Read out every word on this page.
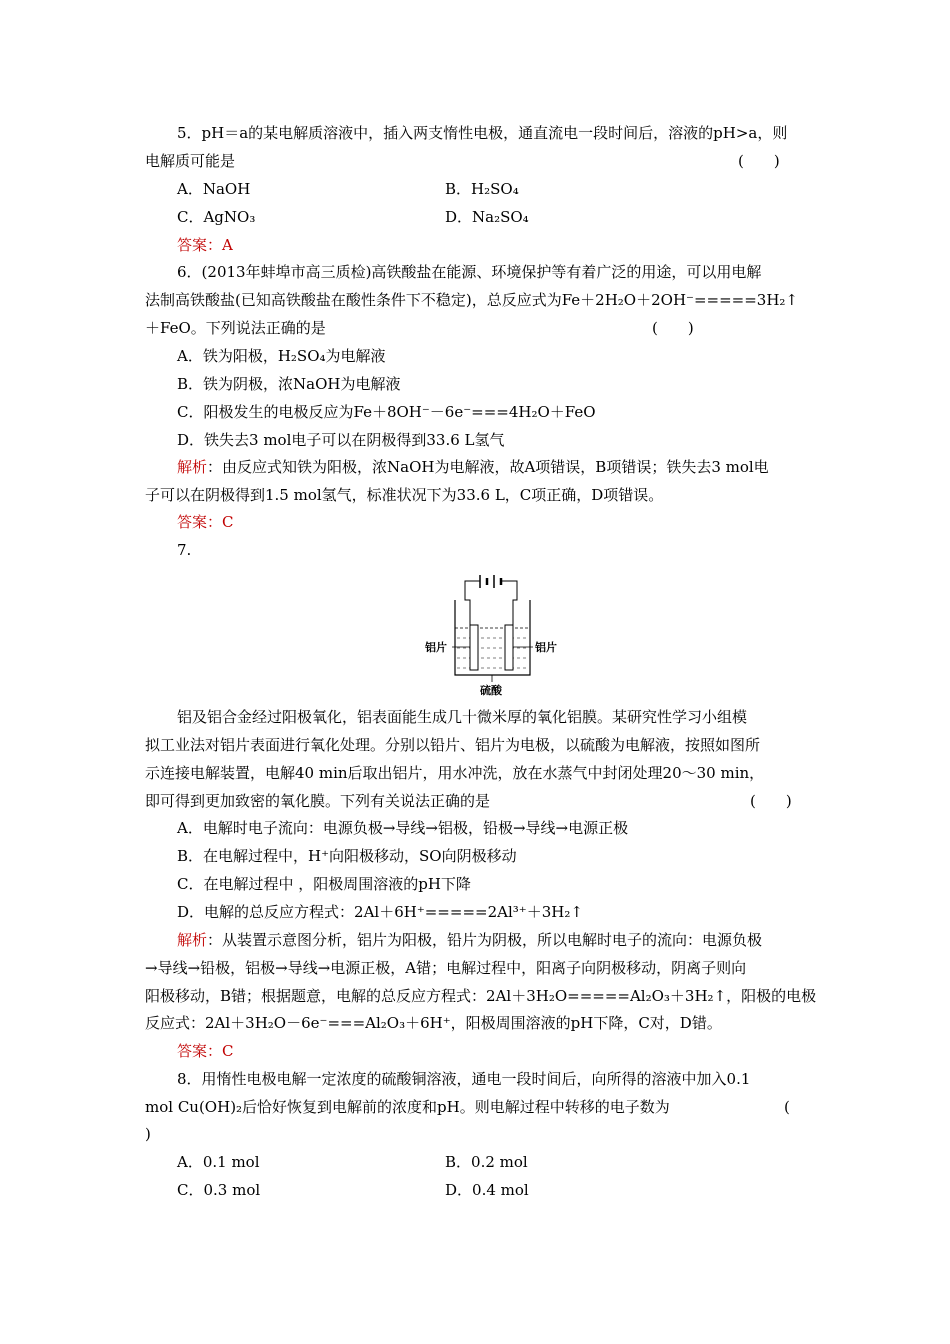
5．pH＝a的某电解质溶液中，插入两支惰性电极，通直流电一段时间后，溶液的pH>a，则
电解质可能是	(　　)
A．NaOH	B．H₂SO₄
C．AgNO₃	D．Na₂SO₄
答案：A
6．(2013年蚌埠市高三质检)高铁酸盐在能源、环境保护等有着广泛的用途，可以用电解
法制高铁酸盐(已知高铁酸盐在酸性条件下不稳定)，总反应式为Fe＋2H₂O＋2OH⁻=====3H₂↑
＋FeO。下列说法正确的是	(　　)
A．铁为阳极，H₂SO₄为电解液
B．铁为阴极，浓NaOH为电解液
C．阳极发生的电极反应为Fe＋8OH⁻－6e⁻===4H₂O＋FeO
D．铁失去3 mol电子可以在阴极得到33.6 L氢气
解析：由反应式知铁为阳极，浓NaOH为电解液，故A项错误，B项错误；铁失去3 mol电
子可以在阴极得到1.5 mol氢气，标准状况下为33.6 L，C项正确，D项错误。
答案：C
7.
铝片	铝片
硫酸
铝及铝合金经过阳极氧化，铝表面能生成几十微米厚的氧化铝膜。某研究性学习小组模
拟工业法对铝片表面进行氧化处理。分别以铅片、铝片为电极，以硫酸为电解液，按照如图所
示连接电解装置，电解40 min后取出铝片，用水冲洗，放在水蒸气中封闭处理20～30 min，
即可得到更加致密的氧化膜。下列有关说法正确的是	(　　)
A．电解时电子流向：电源负极→导线→铝极，铅极→导线→电源正极
B．在电解过程中，H⁺向阳极移动，SO向阴极移动
C．在电解过程中 ，阳极周围溶液的pH下降
D．电解的总反应方程式：2Al＋6H⁺=====2Al³⁺＋3H₂↑
解析：从装置示意图分析，铝片为阳极，铅片为阴极，所以电解时电子的流向：电源负极
→导线→铅极，铝极→导线→电源正极，A错；电解过程中，阳离子向阴极移动，阴离子则向
阳极移动，B错；根据题意，电解的总反应方程式：2Al＋3H₂O=====Al₂O₃＋3H₂↑，阳极的电极
反应式：2Al＋3H₂O－6e⁻===Al₂O₃＋6H⁺，阳极周围溶液的pH下降，C对，D错。
答案：C
8．用惰性电极电解一定浓度的硫酸铜溶液，通电一段时间后，向所得的溶液中加入0.1
mol Cu(OH)₂后恰好恢复到电解前的浓度和pH。则电解过程中转移的电子数为	(
)
A．0.1 mol	B．0.2 mol
C．0.3 mol	D．0.4 mol
